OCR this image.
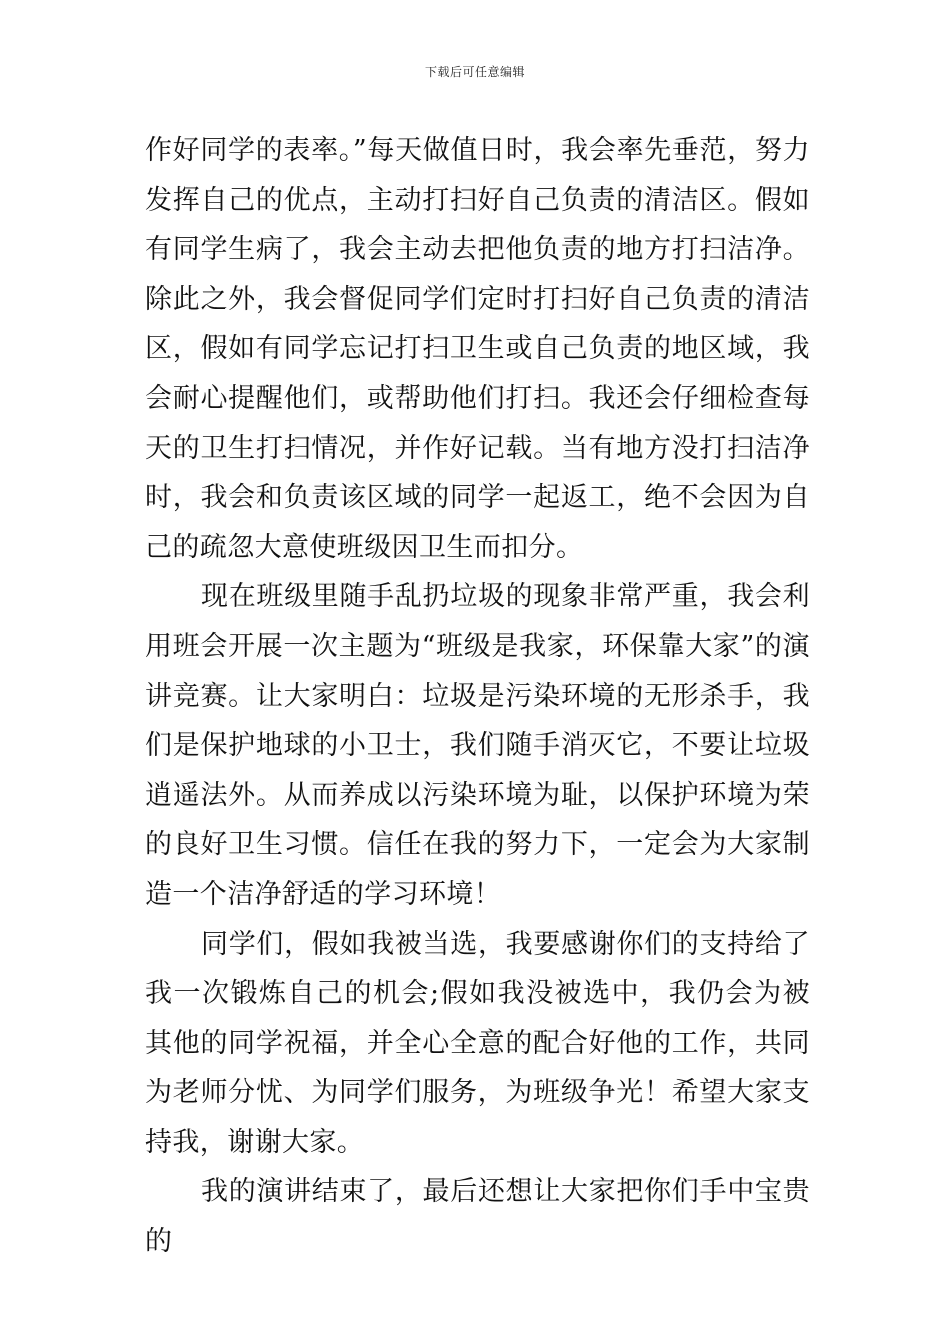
下载后可任意编辑

作好同学的表率。”每天做值日时，我会率先垂范，努力发挥自己的优点，主动打扫好自己负责的清洁区。假如有同学生病了，我会主动去把他负责的地方打扫洁净。除此之外，我会督促同学们定时打扫好自己负责的清洁区，假如有同学忘记打扫卫生或自己负责的地区域，我会耐心提醒他们，或帮助他们打扫。我还会仔细检查每天的卫生打扫情况，并作好记载。当有地方没打扫洁净时，我会和负责该区域的同学一起返工，绝不会因为自己的疏忽大意使班级因卫生而扣分。

现在班级里随手乱扔垃圾的现象非常严重，我会利用班会开展一次主题为“班级是我家，环保靠大家”的演讲竞赛。让大家明白：垃圾是污染环境的无形杀手，我们是保护地球的小卫士，我们随手消灭它，不要让垃圾逍遥法外。从而养成以污染环境为耻，以保护环境为荣的良好卫生习惯。信任在我的努力下，一定会为大家制造一个洁净舒适的学习环境！

同学们，假如我被当选，我要感谢你们的支持给了我一次锻炼自己的机会;假如我没被选中，我仍会为被其他的同学祝福，并全心全意的配合好他的工作，共同为老师分忧、为同学们服务，为班级争光！希望大家支持我，谢谢大家。

我的演讲结束了，最后还想让大家把你们手中宝贵的
